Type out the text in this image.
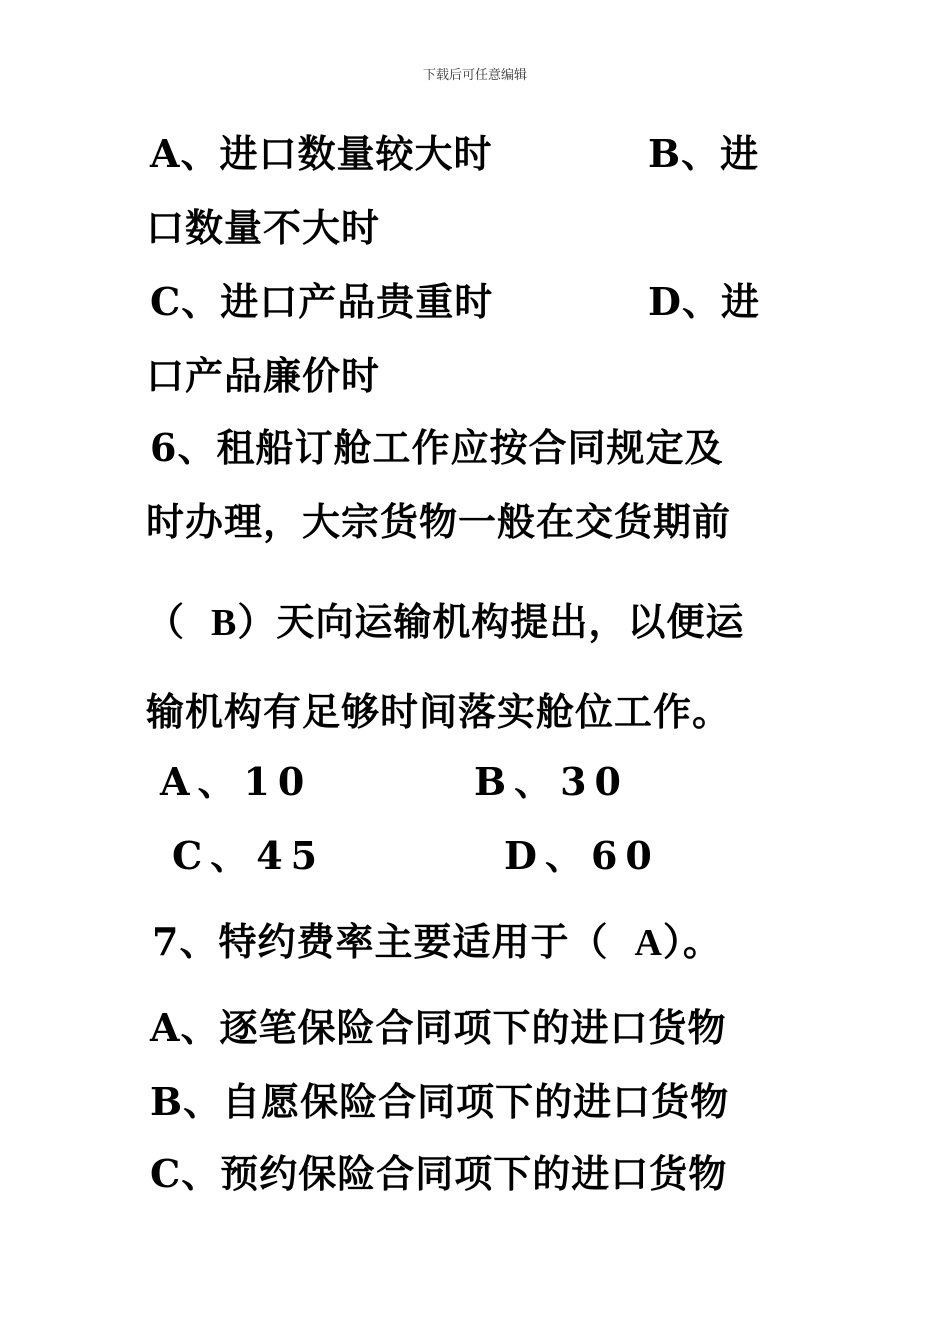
下载后可任意编辑
A、进口数量较大时	B、进
口数量不大时
C、进口产品贵重时	D、进
口产品廉价时
6、租船订舱工作应按合同规定及
时办理，大宗货物一般在交货期前
（ B）天向运输机构提出，以便运
输机构有足够时间落实舱位工作。
A、10	B、30
C、45	D、60
7、特约费率主要适用于（ A）。
A、逐笔保险合同项下的进口货物
B、自愿保险合同项下的进口货物
C、预约保险合同项下的进口货物
